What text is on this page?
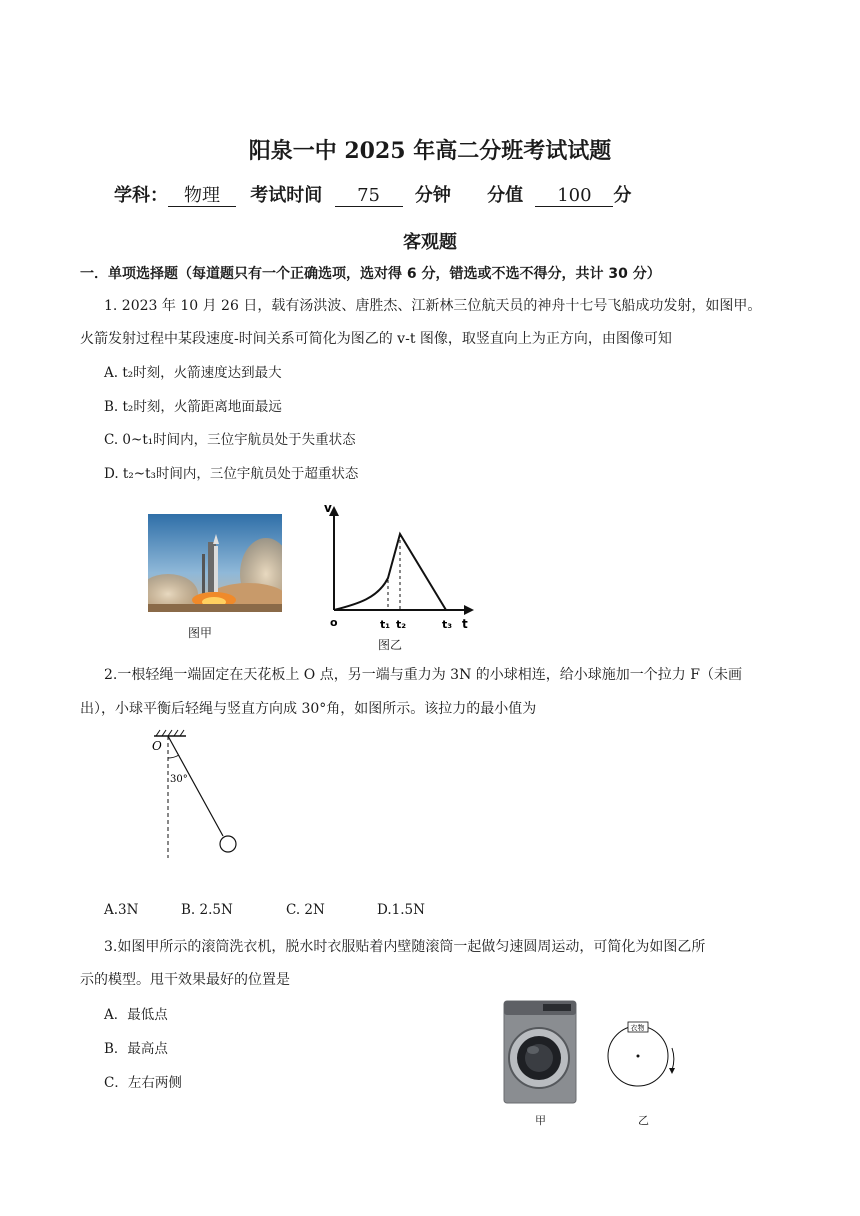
阳泉一中 2025 年高二分班考试试题
学科： 物理 考试时间 75 分钟 分值 100 分
客观题
一．单项选择题（每道题只有一个正确选项，选对得 6 分，错选或不选不得分，共计 30 分）
1. 2023 年 10 月 26 日，载有汤洪波、唐胜杰、江新林三位航天员的神舟十七号飞船成功发射，如图甲。
火箭发射过程中某段速度-时间关系可简化为图乙的 v-t 图像，取竖直向上为正方向，由图像可知
A. t₂时刻，火箭速度达到最大
B. t₂时刻，火箭距离地面最远
C. 0~t₁时间内，三位宇航员处于失重状态
D. t₂~t₃时间内，三位宇航员处于超重状态
图甲
v
o	t₁ t₂	t₃ t
图乙
2.一根轻绳一端固定在天花板上 O 点，另一端与重力为 3N 的小球相连，给小球施加一个拉力 F（未画
出），小球平衡后轻绳与竖直方向成 30°角，如图所示。该拉力的最小值为
O
30°
A.3N	B. 2.5N	C. 2N	D.1.5N
3.如图甲所示的滚筒洗衣机，脱水时衣服贴着内壁随滚筒一起做匀速圆周运动，可简化为如图乙所
示的模型。甩干效果最好的位置是
A．最低点
B．最高点
C．左右两侧
甲
衣物
乙
